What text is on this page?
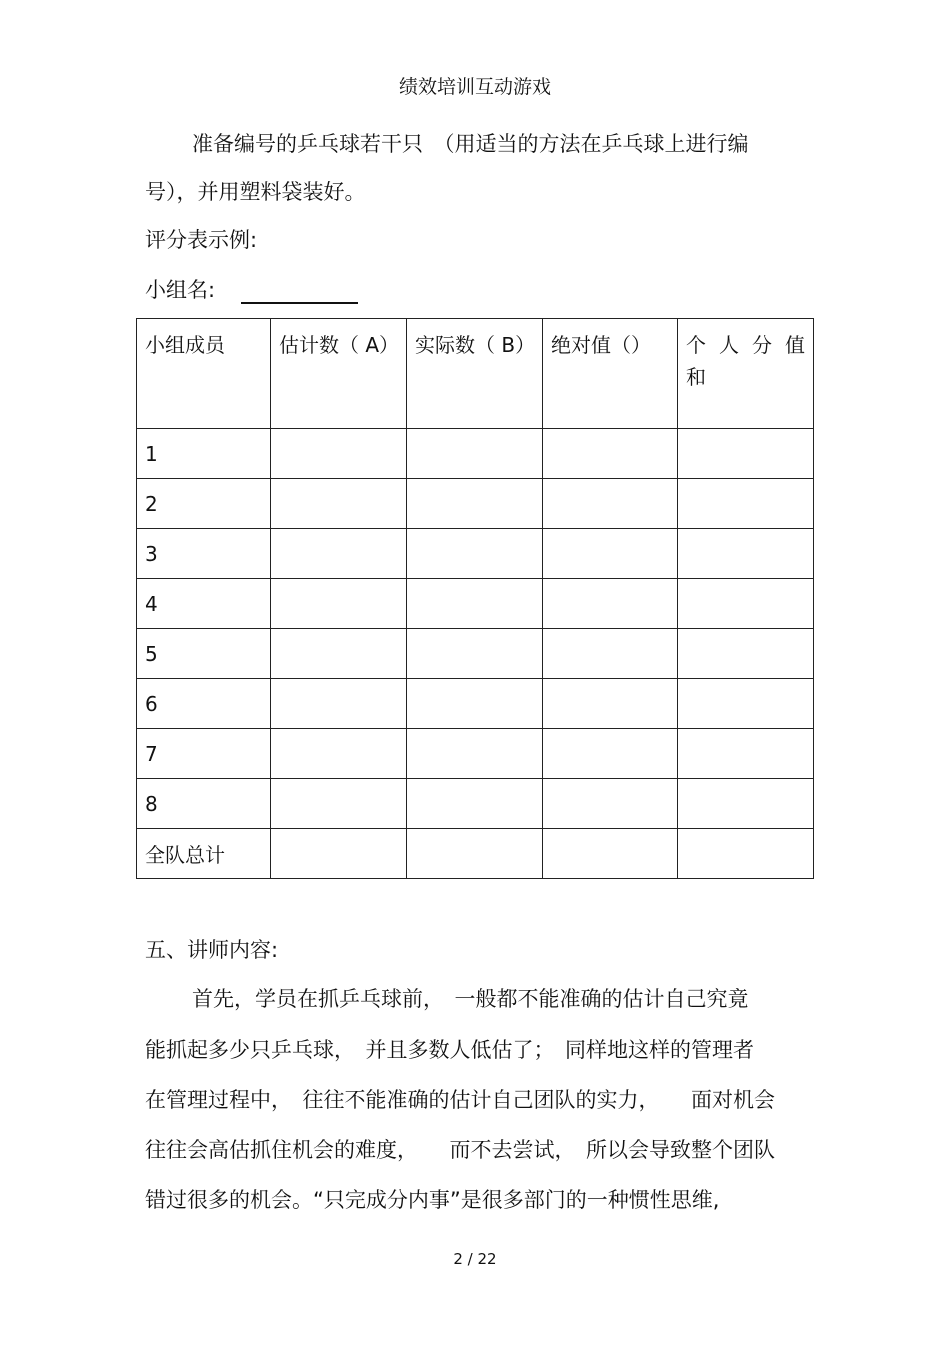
绩效培训互动游戏
准备编号的乒乓球若干只　（用适当的方法在乒乓球上进行编
号），并用塑料袋装好。
评分表示例:
小组名:
小组成员	估计数（ A）	实际数（ B）	绝对值（）	个 人 分 值 和
1				
2				
3				
4				
5				
6				
7				
8				
全队总计				
五、讲师内容:
首先，学员在抓乒乓球前，　一般都不能准确的估计自己究竟
能抓起多少只乒乓球，　并且多数人低估了；　同样地这样的管理者
在管理过程中，　往往不能准确的估计自己团队的实力，　　面对机会
往往会高估抓住机会的难度，　　而不去尝试，　所以会导致整个团队
错过很多的机会。“只完成分内事”是很多部门的一种惯性思维,
2 / 22
